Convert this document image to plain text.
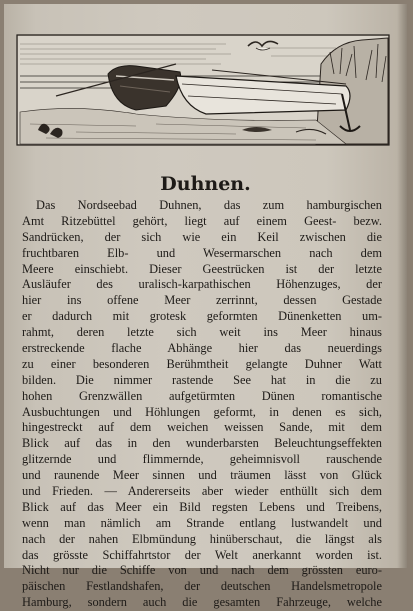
Duhnen.
Das Nordseebad Duhnen, das zum hamburgischen
Amt Ritzebüttel gehört, liegt auf einem Geest- bezw.
Sandrücken, der sich wie ein Keil zwischen die
fruchtbaren Elb- und Wesermarschen nach dem
Meere einschiebt. Dieser Geestrücken ist der letzte
Ausläufer des uralisch-karpathischen Höhenzuges, der
hier ins offene Meer zerrinnt, dessen Gestade
er dadurch mit grotesk geformten Dünenketten um-
rahmt, deren letzte sich weit ins Meer hinaus
erstreckende flache Abhänge hier das neuerdings
zu einer besonderen Berühmtheit gelangte Duhner Watt
bilden. Die nimmer rastende See hat in die zu
hohen Grenzwällen aufgetürmten Dünen romantische
Ausbuchtungen und Höhlungen geformt, in denen es sich,
hingestreckt auf dem weichen weissen Sande, mit dem
Blick auf das in den wunderbarsten Beleuchtungseffekten
glitzernde und flimmernde, geheimnisvoll rauschende
und raunende Meer sinnen und träumen lässt von Glück
und Frieden. — Andererseits aber wieder enthüllt sich dem
Blick auf das Meer ein Bild regsten Lebens und Treibens,
wenn man nämlich am Strande entlang lustwandelt und
nach der nahen Elbmündung hinüberschaut, die längst als
das grösste Schiffahrtstor der Welt anerkannt worden ist.
Nicht nur die Schiffe von und nach dem grössten euro-
päischen Festlandshafen, der deutschen Handelsmetropole
Hamburg, sondern auch die gesamten Fahrzeuge, welche
